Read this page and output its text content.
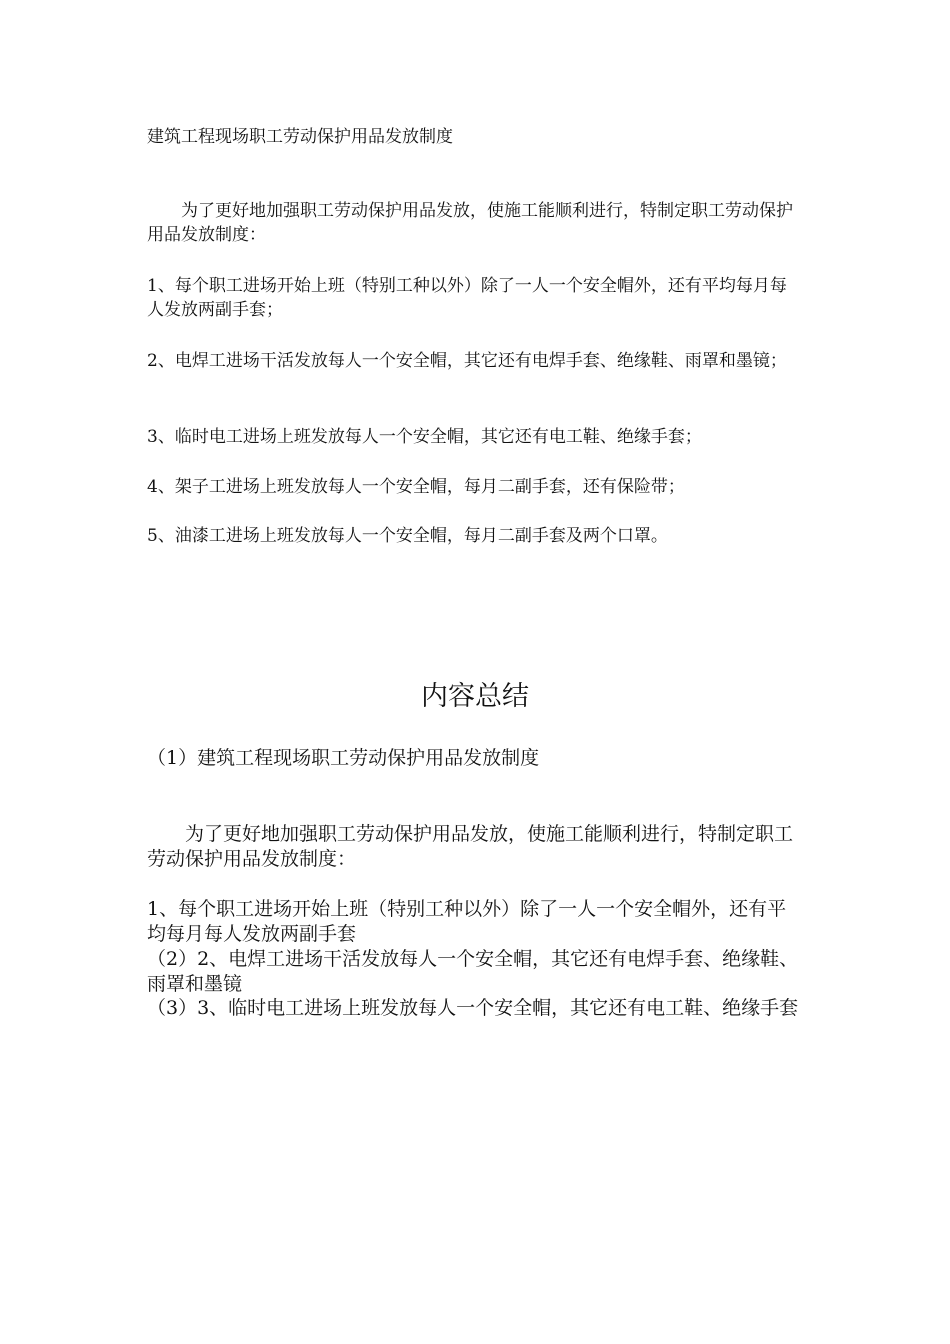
建筑工程现场职工劳动保护用品发放制度

为了更好地加强职工劳动保护用品发放，使施工能顺利进行，特制定职工劳动保护用品发放制度：

1、每个职工进场开始上班（特别工种以外）除了一人一个安全帽外，还有平均每月每人发放两副手套；

2、电焊工进场干活发放每人一个安全帽，其它还有电焊手套、绝缘鞋、雨罩和墨镜；

3、临时电工进场上班发放每人一个安全帽，其它还有电工鞋、绝缘手套；

4、架子工进场上班发放每人一个安全帽，每月二副手套，还有保险带；

5、油漆工进场上班发放每人一个安全帽，每月二副手套及两个口罩。

内容总结

（1）建筑工程现场职工劳动保护用品发放制度

为了更好地加强职工劳动保护用品发放，使施工能顺利进行，特制定职工劳动保护用品发放制度：

1、每个职工进场开始上班（特别工种以外）除了一人一个安全帽外，还有平均每月每人发放两副手套

（2）2、电焊工进场干活发放每人一个安全帽，其它还有电焊手套、绝缘鞋、雨罩和墨镜

（3）3、临时电工进场上班发放每人一个安全帽，其它还有电工鞋、绝缘手套
